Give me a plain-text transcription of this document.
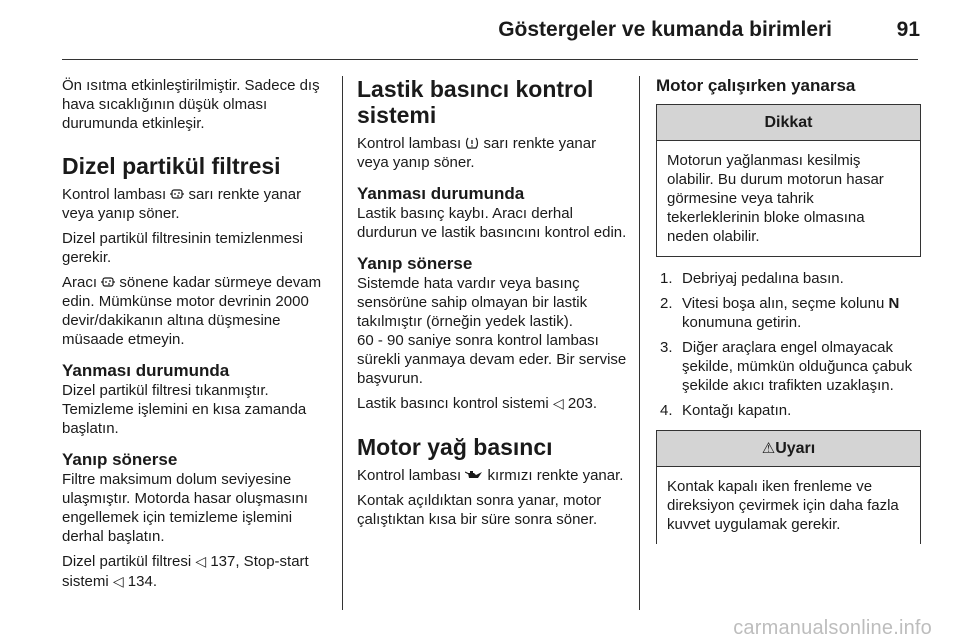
Göstergeler ve kumanda birimleri	91

Ön ısıtma etkinleştirilmiştir. Sadece dış hava sıcaklığının düşük olması durumunda etkinleşir.

Dizel partikül filtresi

Kontrol lambası  sarı renkte yanar veya yanıp söner.

Dizel partikül filtresinin temizlenmesi gerekir.

Aracı  sönene kadar sürmeye devam edin. Mümkünse motor devrinin 2000 devir/dakikanın altına düşmesine müsaade etmeyin.

Yanması durumunda

Dizel partikül filtresi tıkanmıştır. Temizleme işlemini en kısa zamanda başlatın.

Yanıp sönerse

Filtre maksimum dolum seviyesine ulaşmıştır. Motorda hasar oluşmasını engellemek için temizleme işlemini derhal başlatın.

Dizel partikül filtresi ◁ 137, Stop-start sistemi ◁ 134.

Lastik basıncı kontrol sistemi

Kontrol lambası  sarı renkte yanar veya yanıp söner.

Yanması durumunda

Lastik basınç kaybı. Aracı derhal durdurun ve lastik basıncını kontrol edin.

Yanıp sönerse

Sistemde hata vardır veya basınç sensörüne sahip olmayan bir lastik takılmıştır (örneğin yedek lastik).

60 - 90 saniye sonra kontrol lambası sürekli yanmaya devam eder. Bir servise başvurun.

Lastik basıncı kontrol sistemi ◁ 203.

Motor yağ basıncı

Kontrol lambası  kırmızı renkte yanar.

Kontak açıldıktan sonra yanar, motor çalıştıktan kısa bir süre sonra söner.

Motor çalışırken yanarsa
Dikkat
Motorun yağlanması kesilmiş olabilir. Bu durum motorun hasar görmesine veya tahrik tekerleklerinin bloke olmasına neden olabilir.
1. Debriyaj pedalına basın.
2. Vitesi boşa alın, seçme kolunu N konumuna getirin.
3. Diğer araçlara engel olmayacak şekilde, mümkün olduğunca çabuk şekilde akıcı trafikten uzaklaşın.
4. Kontağı kapatın.
⚠Uyarı
Kontak kapalı iken frenleme ve direksiyon çevirmek için daha fazla kuvvet uygulamak gerekir.
carmanualsonline.info
